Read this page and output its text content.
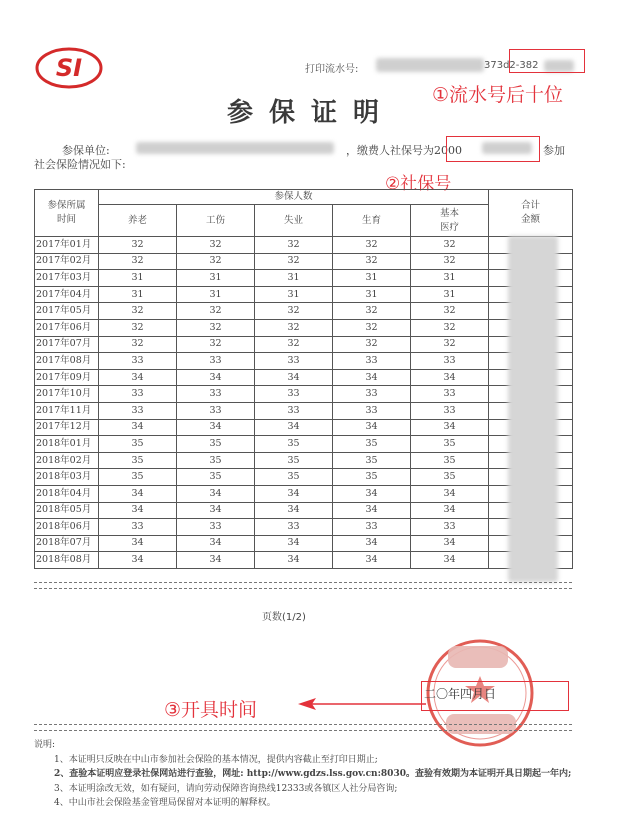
SI	打印流水号:	373d2-382
①流水号后十位
参保证明
参保单位:	，缴费人社保号为2000	参加
社会保险情况如下:
②社保号
参保所属
时间	参保人数					合计
金额
	养老	工伤	失业	生育	基本
医疗	
2017年01月	32	32	32	32	32	
2017年02月	32	32	32	32	32	
2017年03月	31	31	31	31	31	
2017年04月	31	31	31	31	31	
2017年05月	32	32	32	32	32	
2017年06月	32	32	32	32	32	
2017年07月	32	32	32	32	32	
2017年08月	33	33	33	33	33	
2017年09月	34	34	34	34	34	
2017年10月	33	33	33	33	33	
2017年11月	33	33	33	33	33	
2017年12月	34	34	34	34	34	
2018年01月	35	35	35	35	35	
2018年02月	35	35	35	35	35	
2018年03月	35	35	35	35	35	
2018年04月	34	34	34	34	34	
2018年05月	34	34	34	34	34	
2018年06月	33	33	33	33	33	
2018年07月	34	34	34	34	34	
2018年08月	34	34	34	34	34	
页数(1/2)
二〇年四月日
③开具时间

说明:

1、本证明只反映在中山市参加社会保险的基本情况，提供内容截止至打印日期止;

2、查验本证明应登录社保网站进行查验，网址: http://www.gdzs.lss.gov.cn:8030。查验有效期为本证明开具日期起一年内;

3、本证明涂改无效，如有疑问，请向劳动保障咨询热线12333或各镇区人社分局咨询;

4、中山市社会保险基金管理局保留对本证明的解释权。
